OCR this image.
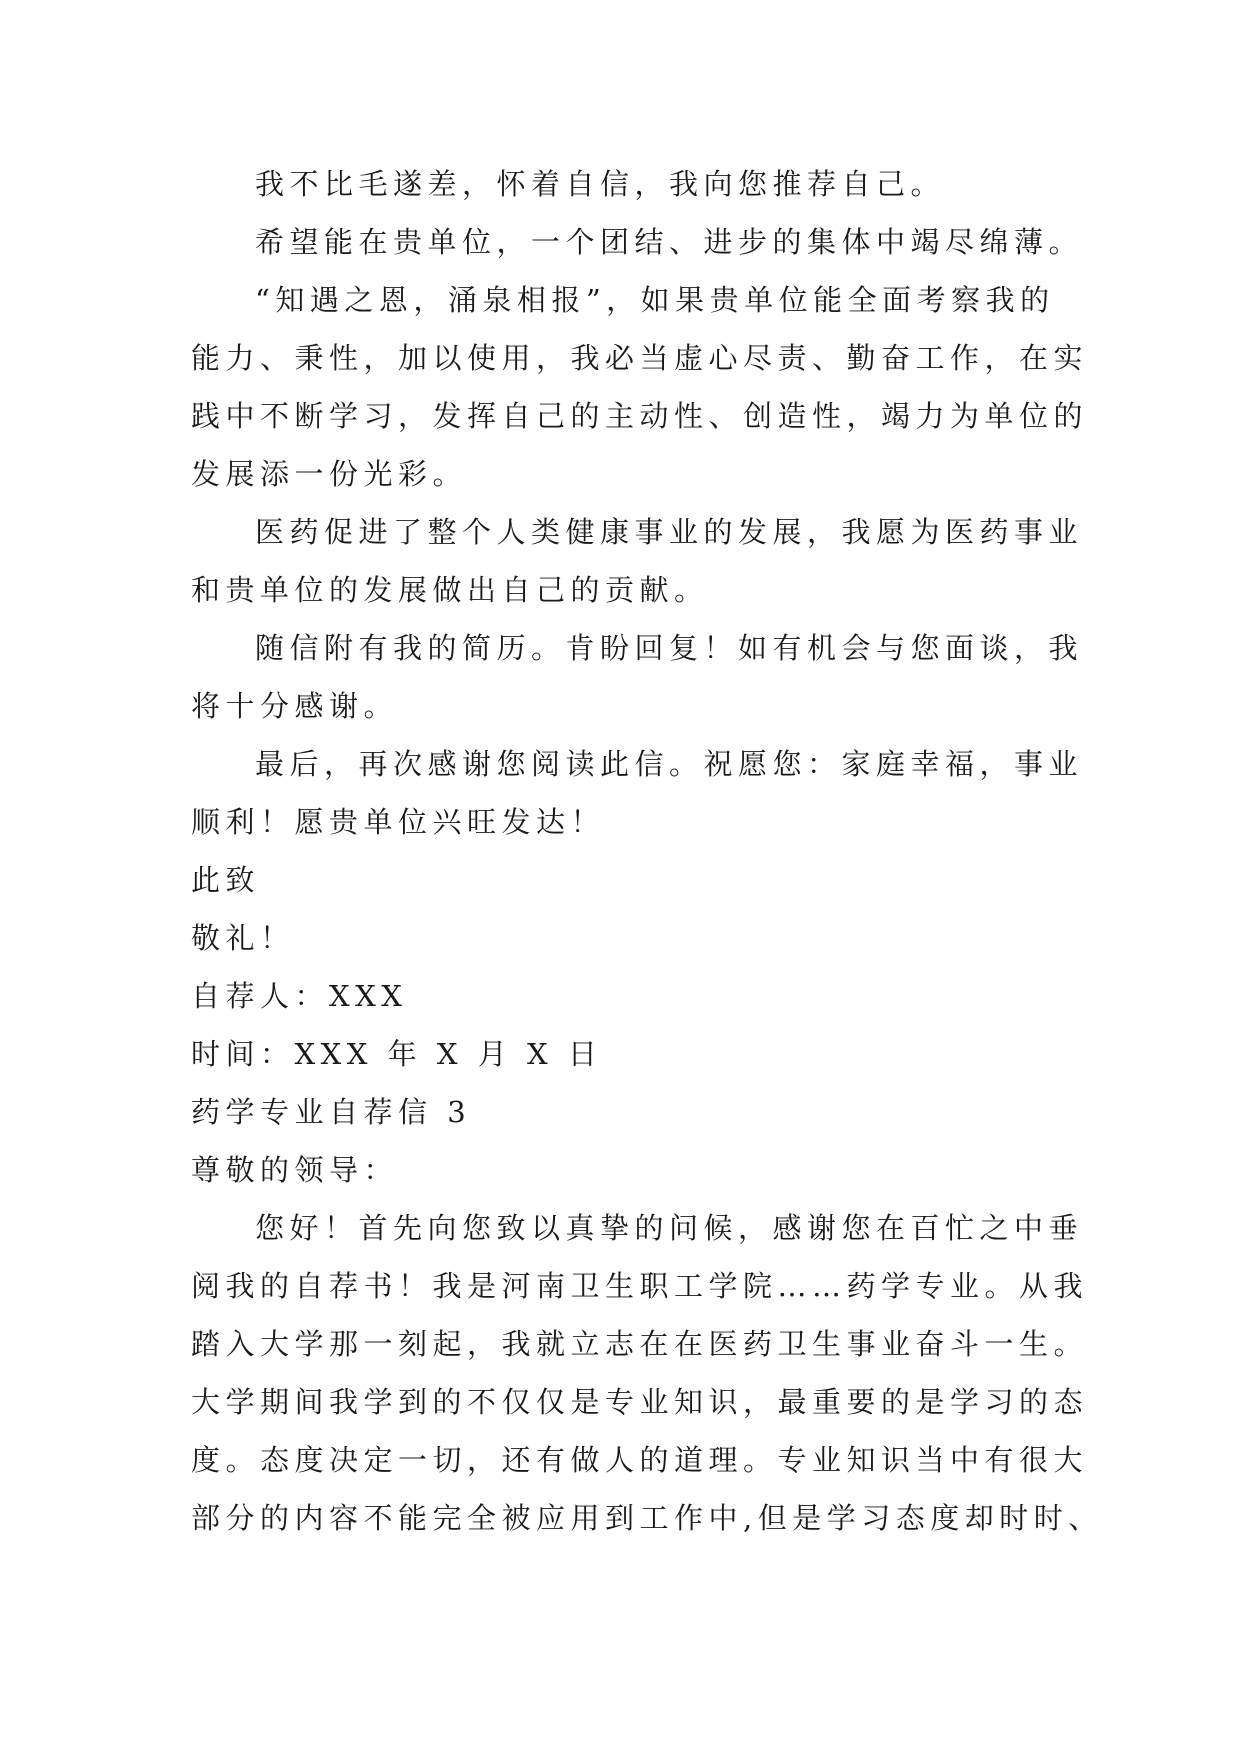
我不比毛遂差，怀着自信，我向您推荐自己。
希望能在贵单位，一个团结、进步的集体中竭尽绵薄。
“知遇之恩，涌泉相报”，如果贵单位能全面考察我的
能力、秉性，加以使用，我必当虚心尽责、勤奋工作，在实
践中不断学习，发挥自己的主动性、创造性，竭力为单位的
发展添一份光彩。
医药促进了整个人类健康事业的发展，我愿为医药事业
和贵单位的发展做出自己的贡献。
随信附有我的简历。肯盼回复！如有机会与您面谈，我
将十分感谢。
最后，再次感谢您阅读此信。祝愿您：家庭幸福，事业
顺利！愿贵单位兴旺发达！
此致
敬礼！
自荐人：XXX
时间：XXX 年 X 月 X 日
药学专业自荐信 3
尊敬的领导：
您好！首先向您致以真挚的问候，感谢您在百忙之中垂
阅我的自荐书！我是河南卫生职工学院……药学专业。从我
踏入大学那一刻起，我就立志在在医药卫生事业奋斗一生。
大学期间我学到的不仅仅是专业知识，最重要的是学习的态
度。态度决定一切，还有做人的道理。专业知识当中有很大
部分的内容不能完全被应用到工作中,但是学习态度却时时、
